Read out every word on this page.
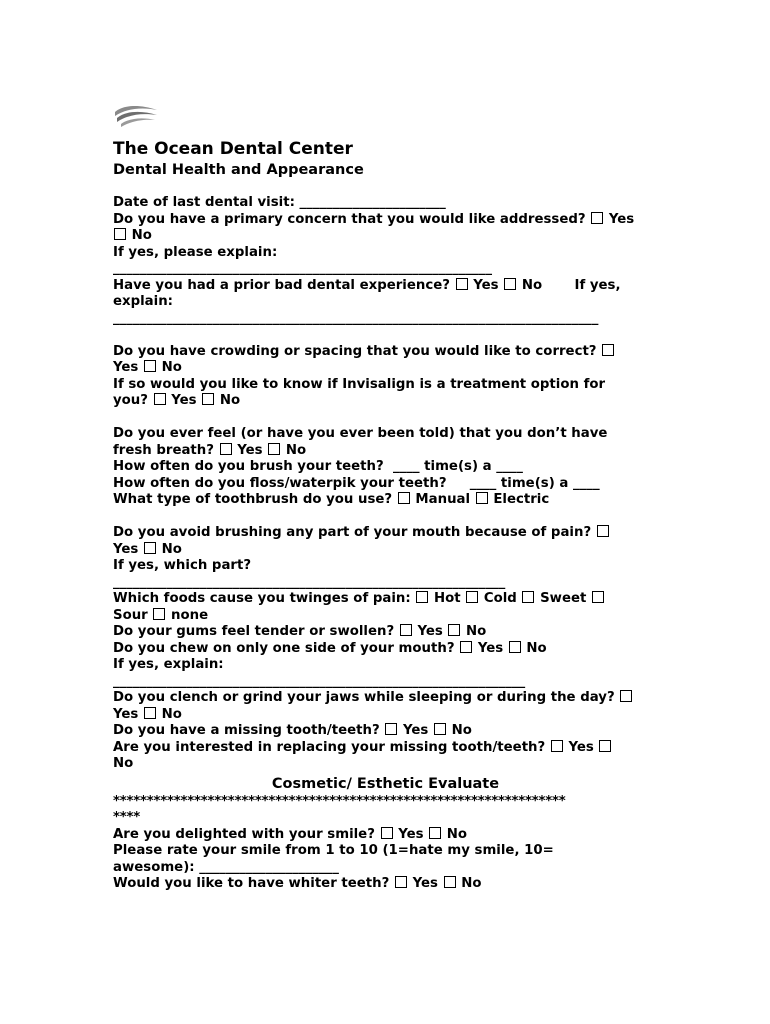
The Ocean Dental Center
Dental Health and Appearance
Date of last dental visit: ______________________
Do you have a primary concern that you would like addressed?  Yes
No
If yes, please explain:
_________________________________________________________
Have you had a prior bad dental experience?  Yes  No       If yes,
explain:
_________________________________________________________________________
Do you have crowding or spacing that you would like to correct?
Yes  No
If so would you like to know if Invisalign is a treatment option for
you?  Yes  No
Do you ever feel (or have you ever been told) that you don’t have
fresh breath?  Yes  No
How often do you brush your teeth?  ____ time(s) a ____
How often do you floss/waterpik your teeth?     ____ time(s) a ____
What type of toothbrush do you use?  Manual  Electric
Do you avoid brushing any part of your mouth because of pain?
Yes  No
If yes, which part?
___________________________________________________________
Which foods cause you twinges of pain:  Hot  Cold  Sweet
Sour  none
Do your gums feel tender or swollen?  Yes  No
Do you chew on only one side of your mouth?  Yes  No
If yes, explain:
______________________________________________________________
Do you clench or grind your jaws while sleeping or during the day?
Yes  No
Do you have a missing tooth/teeth?  Yes  No
Are you interested in replacing your missing tooth/teeth?  Yes
No
Cosmetic/ Esthetic Evaluate
*******************************************************************
****
Are you delighted with your smile?  Yes  No
Please rate your smile from 1 to 10 (1=hate my smile, 10=
awesome): _____________________
Would you like to have whiter teeth?  Yes  No
